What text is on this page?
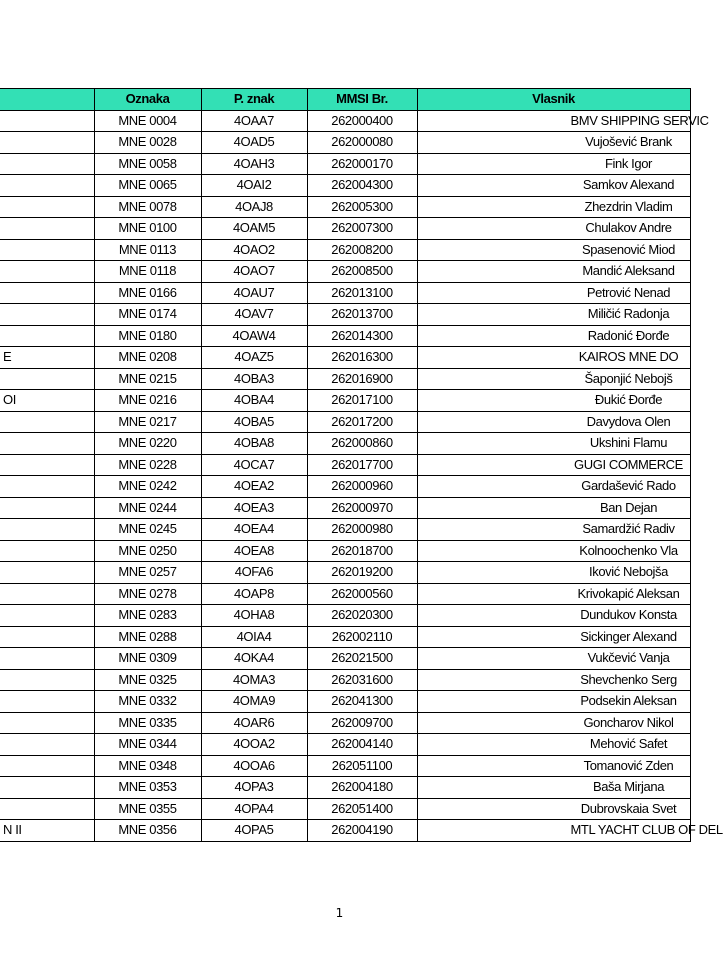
	Oznaka	P. znak	MMSI Br.	Vlasnik
	MNE 0004	4OAA7	262000400	BMV SHIPPING SERVIC
	MNE 0028	4OAD5	262000080	Vujošević Brank
	MNE 0058	4OAH3	262000170	Fink Igor
	MNE 0065	4OAI2	262004300	Samkov Alexand
	MNE 0078	4OAJ8	262005300	Zhezdrin Vladim
	MNE 0100	4OAM5	262007300	Chulakov Andre
	MNE 0113	4OAO2	262008200	Spasenović Miod
	MNE 0118	4OAO7	262008500	Mandić Aleksand
	MNE 0166	4OAU7	262013100	Petrović Nenad
	MNE 0174	4OAV7	262013700	Miličić Radonja
	MNE 0180	4OAW4	262014300	Radonić Đorđe
E	MNE 0208	4OAZ5	262016300	KAIROS MNE DO
	MNE 0215	4OBA3	262016900	Šaponjić Nebojš
OI	MNE 0216	4OBA4	262017100	Đukić Đorđe
	MNE 0217	4OBA5	262017200	Davydova Olen
	MNE 0220	4OBA8	262000860	Ukshini Flamu
	MNE 0228	4OCA7	262017700	GUGI COMMERCE
	MNE 0242	4OEA2	262000960	Gardašević Rado
	MNE 0244	4OEA3	262000970	Ban Dejan
	MNE 0245	4OEA4	262000980	Samardžić Radiv
	MNE 0250	4OEA8	262018700	Kolnoochenko Vla
	MNE 0257	4OFA6	262019200	Iković Nebojša
	MNE 0278	4OAP8	262000560	Krivokapić Aleksan
	MNE 0283	4OHA8	262020300	Dundukov Konsta
	MNE 0288	4OIA4	262002110	Sickinger Alexand
	MNE 0309	4OKA4	262021500	Vukčević Vanja
	MNE 0325	4OMA3	262031600	Shevchenko Serg
	MNE 0332	4OMA9	262041300	Podsekin Aleksan
	MNE 0335	4OAR6	262009700	Goncharov Nikol
	MNE 0344	4OOA2	262004140	Mehović Safet
	MNE 0348	4OOA6	262051100	Tomanović Zden
	MNE 0353	4OPA3	262004180	Baša Mirjana
	MNE 0355	4OPA4	262051400	Dubrovskaia Svet
N II	MNE 0356	4OPA5	262004190	MTL YACHT CLUB OF DEL
1
